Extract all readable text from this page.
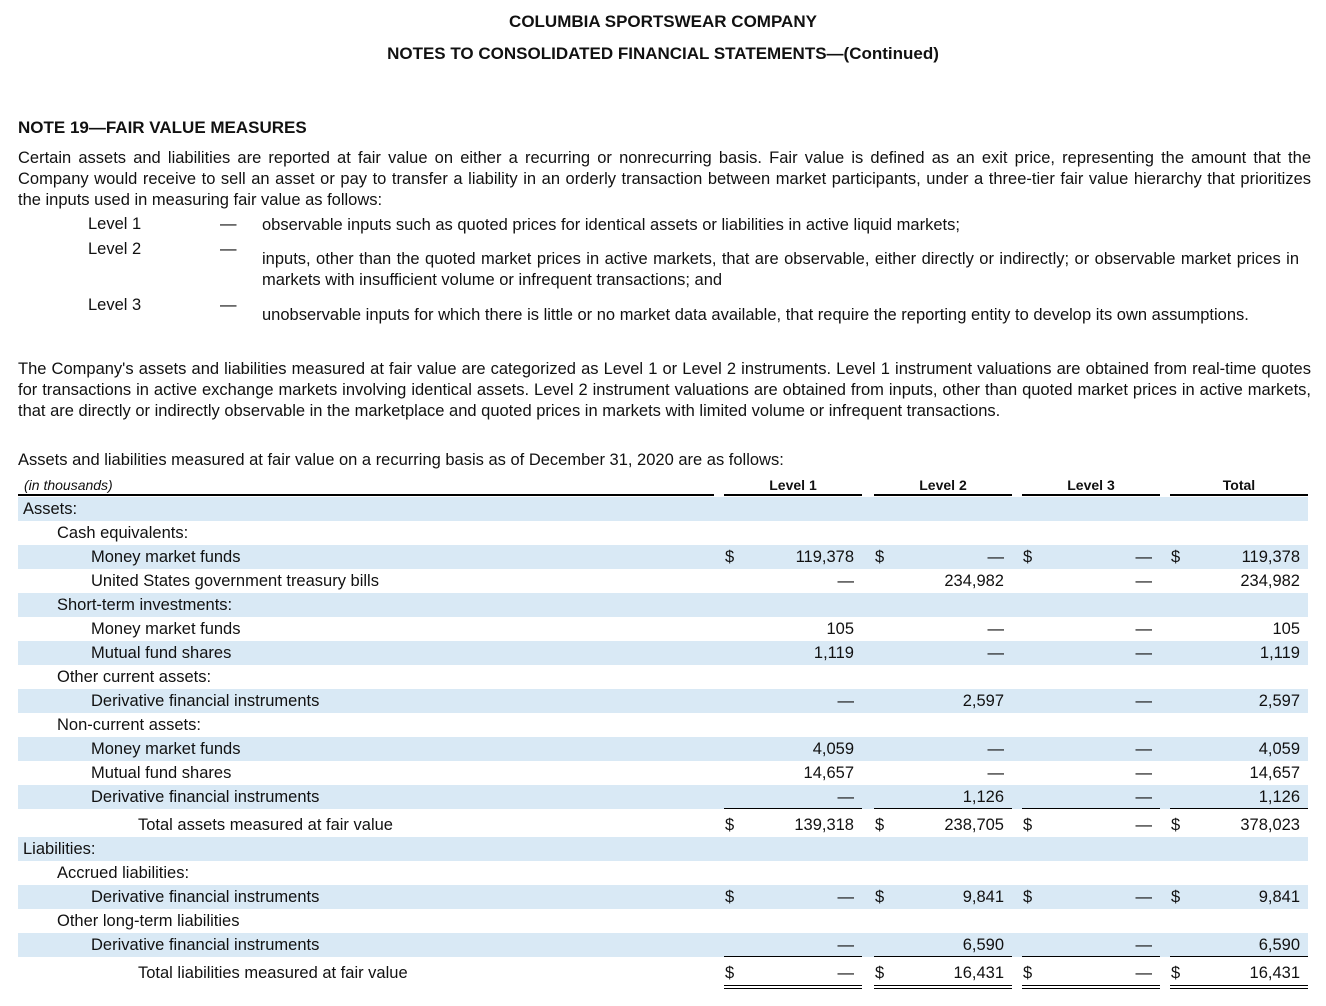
COLUMBIA SPORTSWEAR COMPANY
NOTES TO CONSOLIDATED FINANCIAL STATEMENTS—(Continued)
NOTE 19—FAIR VALUE MEASURES
Certain assets and liabilities are reported at fair value on either a recurring or nonrecurring basis. Fair value is defined as an exit price, representing the amount that the Company would receive to sell an asset or pay to transfer a liability in an orderly transaction between market participants, under a three-tier fair value hierarchy that prioritizes the inputs used in measuring fair value as follows:
Level 1	— observable inputs such as quoted prices for identical assets or liabilities in active liquid markets;
Level 2	—
inputs, other than the quoted market prices in active markets, that are observable, either directly or indirectly; or observable market prices in markets with insufficient volume or infrequent transactions; and
Level 3	—
unobservable inputs for which there is little or no market data available, that require the reporting entity to develop its own assumptions.
The Company's assets and liabilities measured at fair value are categorized as Level 1 or Level 2 instruments. Level 1 instrument valuations are obtained from real-time quotes for transactions in active exchange markets involving identical assets. Level 2 instrument valuations are obtained from inputs, other than quoted market prices in active markets, that are directly or indirectly observable in the marketplace and quoted prices in markets with limited volume or infrequent transactions.
Assets and liabilities measured at fair value on a recurring basis as of December 31, 2020 are as follows:
(in thousands)	Level 1	Level 2	Level 3	Total
Assets:
Cash equivalents:
Money market funds	$	119,378 $	— $	— $	119,378
United States government treasury bills	—	234,982	—	234,982
Short-term investments:
Money market funds	105	—	—	105
Mutual fund shares	1,119	—	—	1,119
Other current assets:
Derivative financial instruments	—	2,597	—	2,597
Non-current assets:
Money market funds	4,059	—	—	4,059
Mutual fund shares	14,657	—	—	14,657
Derivative financial instruments	—	1,126	—	1,126
Total assets measured at fair value	$	139,318 $	238,705 $	— $	378,023
Liabilities:
Accrued liabilities:
Derivative financial instruments	$	— $	9,841 $	— $	9,841
Other long-term liabilities
Derivative financial instruments	—	6,590	—	6,590
Total liabilities measured at fair value	$	— $	16,431 $	— $	16,431
